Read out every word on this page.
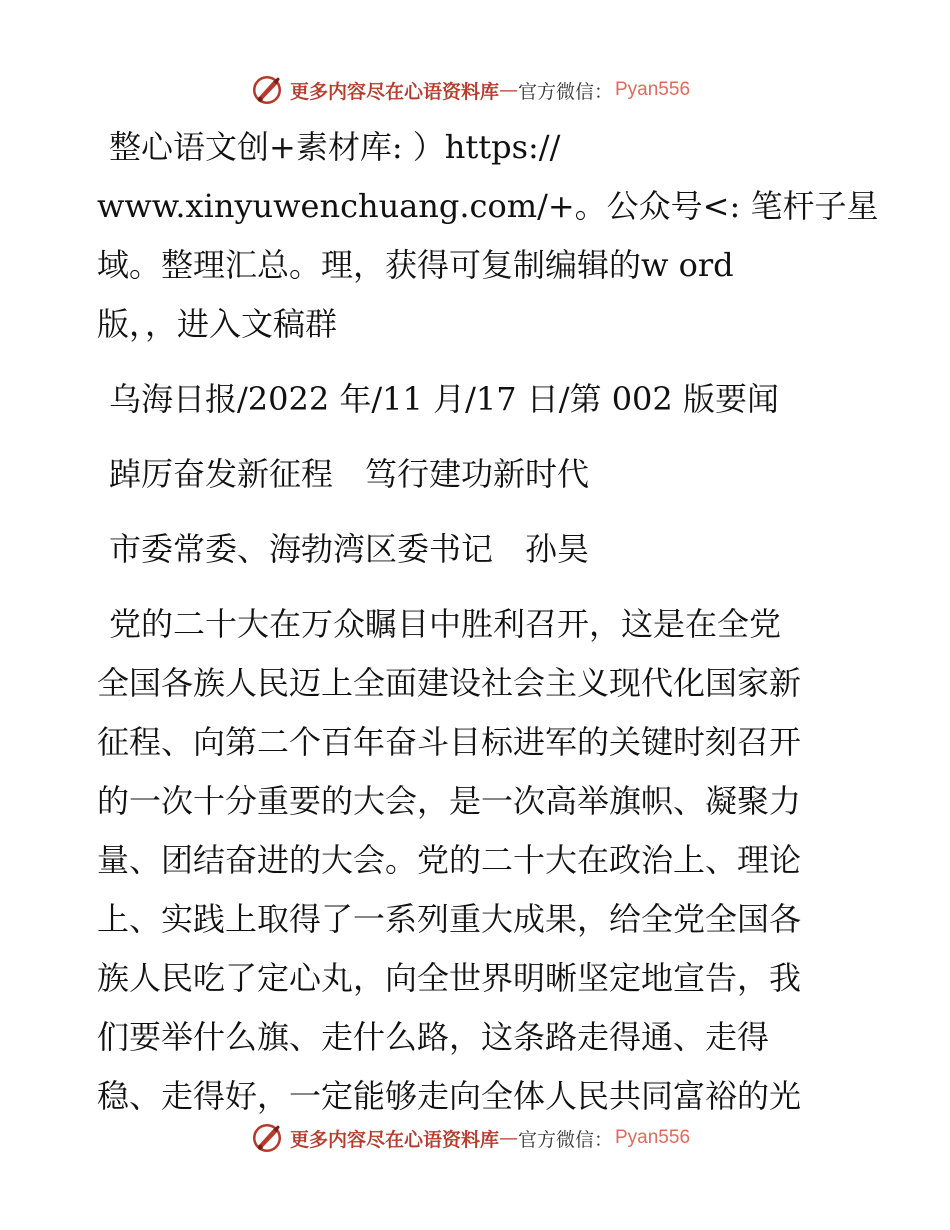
更多内容尽在心语资料库 — 官方微信： Pyan556

整心语文创+素材库: ）https://

www.xinyuwenchuang.com/+。公众号<: 笔杆子星
域。整理汇总。理，获得可复制编辑的w ord
版，，进入文稿群

乌海日报/2022 年/11 月/17 日/第 002 版要闻

踔厉奋发新征程　笃行建功新时代

市委常委、海勃湾区委书记　孙昊

党的二十大在万众瞩目中胜利召开，这是在全党
全国各族人民迈上全面建设社会主义现代化国家新
征程、向第二个百年奋斗目标进军的关键时刻召开
的一次十分重要的大会，是一次高举旗帜、凝聚力
量、团结奋进的大会。党的二十大在政治上、理论
上、实践上取得了一系列重大成果，给全党全国各
族人民吃了定心丸，向全世界明晰坚定地宣告，我
们要举什么旗、走什么路，这条路走得通、走得
稳、走得好，一定能够走向全体人民共同富裕的光

更多内容尽在心语资料库 — 官方微信： Pyan556
